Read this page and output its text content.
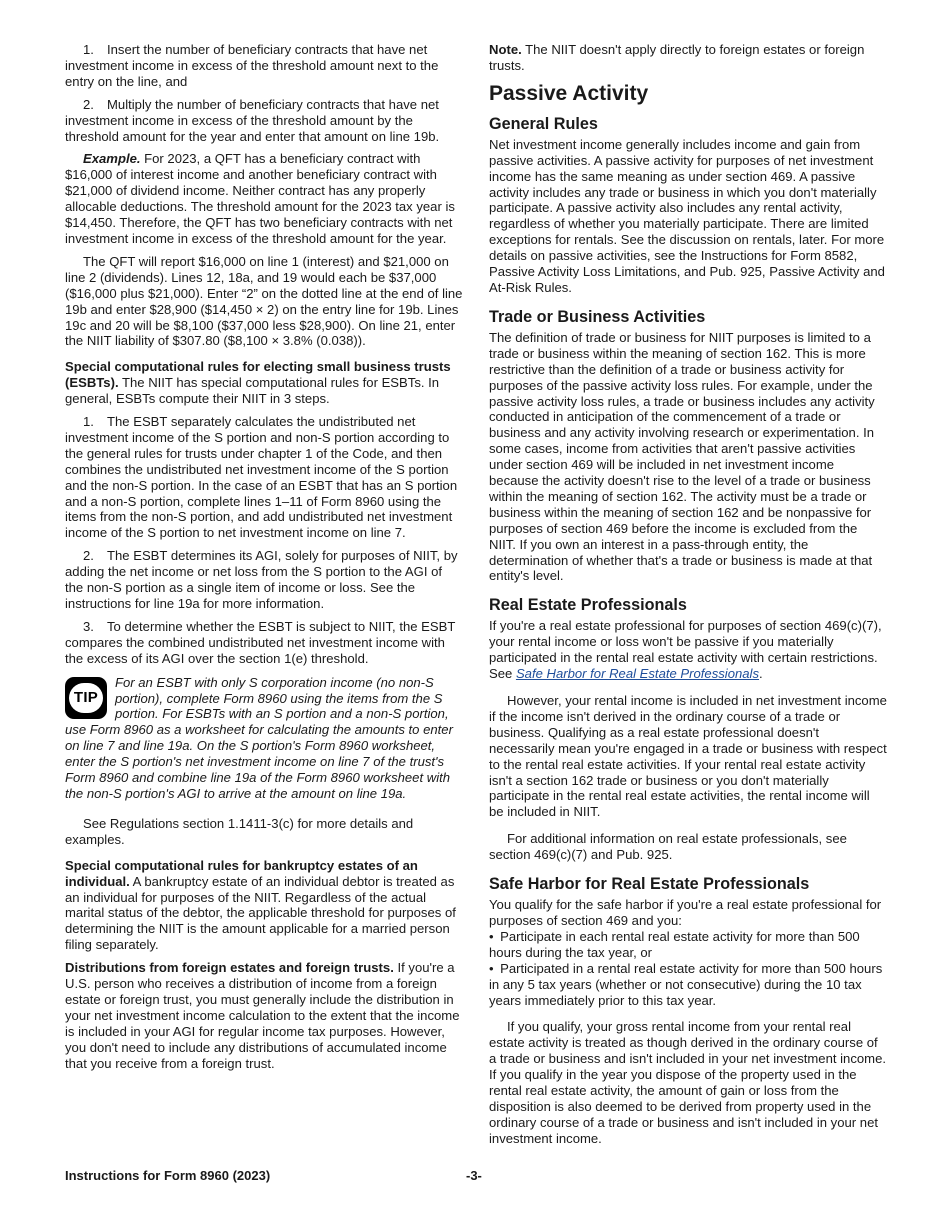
1. Insert the number of beneficiary contracts that have net investment income in excess of the threshold amount next to the entry on the line, and

2. Multiply the number of beneficiary contracts that have net investment income in excess of the threshold amount by the threshold amount for the year and enter that amount on line 19b.

Example. For 2023, a QFT has a beneficiary contract with $16,000 of interest income and another beneficiary contract with $21,000 of dividend income. Neither contract has any properly allocable deductions. The threshold amount for the 2023 tax year is $14,450. Therefore, the QFT has two beneficiary contracts with net investment income in excess of the threshold amount for the year.

The QFT will report $16,000 on line 1 (interest) and $21,000 on line 2 (dividends). Lines 12, 18a, and 19 would each be $37,000 ($16,000 plus $21,000). Enter “2” on the dotted line at the end of line 19b and enter $28,900 ($14,450 × 2) on the entry line for 19b. Lines 19c and 20 will be $8,100 ($37,000 less $28,900). On line 21, enter the NIIT liability of $307.80 ($8,100 × 3.8% (0.038)).

Special computational rules for electing small business trusts (ESBTs). The NIIT has special computational rules for ESBTs. In general, ESBTs compute their NIIT in 3 steps.

1. The ESBT separately calculates the undistributed net investment income of the S portion and non-S portion according to the general rules for trusts under chapter 1 of the Code, and then combines the undistributed net investment income of the S portion and the non-S portion. In the case of an ESBT that has an S portion and a non-S portion, complete lines 1–11 of Form 8960 using the items from the non-S portion, and add undistributed net investment income of the S portion to net investment income on line 7.

2. The ESBT determines its AGI, solely for purposes of NIIT, by adding the net income or net loss from the S portion to the AGI of the non-S portion as a single item of income or loss. See the instructions for line 19a for more information.

3. To determine whether the ESBT is subject to NIIT, the ESBT compares the combined undistributed net investment income with the excess of its AGI over the section 1(e) threshold.

TIP
For an ESBT with only S corporation income (no non-S portion), complete Form 8960 using the items from the S portion. For ESBTs with an S portion and a non-S portion, use Form 8960 as a worksheet for calculating the amounts to enter on line 7 and line 19a. On the S portion's Form 8960 worksheet, enter the S portion's net investment income on line 7 of the trust's Form 8960 and combine line 19a of the Form 8960 worksheet with the non-S portion's AGI to arrive at the amount on line 19a.

See Regulations section 1.1411-3(c) for more details and examples.

Special computational rules for bankruptcy estates of an individual. A bankruptcy estate of an individual debtor is treated as an individual for purposes of the NIIT. Regardless of the actual marital status of the debtor, the applicable threshold for purposes of determining the NIIT is the amount applicable for a married person filing separately.

Distributions from foreign estates and foreign trusts. If you're a U.S. person who receives a distribution of income from a foreign estate or foreign trust, you must generally include the distribution in your net investment income calculation to the extent that the income is included in your AGI for regular income tax purposes. However, you don't need to include any distributions of accumulated income that you receive from a foreign trust.

Note. The NIIT doesn't apply directly to foreign estates or foreign trusts.

Passive Activity
General Rules

Net investment income generally includes income and gain from passive activities. A passive activity for purposes of net investment income has the same meaning as under section 469. A passive activity includes any trade or business in which you don't materially participate. A passive activity also includes any rental activity, regardless of whether you materially participate. There are limited exceptions for rentals. See the discussion on rentals, later. For more details on passive activities, see the Instructions for Form 8582, Passive Activity Loss Limitations, and Pub. 925, Passive Activity and At-Risk Rules.

Trade or Business Activities

The definition of trade or business for NIIT purposes is limited to a trade or business within the meaning of section 162. This is more restrictive than the definition of a trade or business activity for purposes of the passive activity loss rules. For example, under the passive activity loss rules, a trade or business includes any activity conducted in anticipation of the commencement of a trade or business and any activity involving research or experimentation. In some cases, income from activities that aren't passive activities under section 469 will be included in net investment income because the activity doesn't rise to the level of a trade or business within the meaning of section 162. The activity must be a trade or business within the meaning of section 162 and be nonpassive for purposes of section 469 before the income is excluded from the NIIT. If you own an interest in a pass-through entity, the determination of whether that's a trade or business is made at that entity's level.

Real Estate Professionals

If you're a real estate professional for purposes of section 469(c)(7), your rental income or loss won't be passive if you materially participated in the rental real estate activity with certain restrictions. See Safe Harbor for Real Estate Professionals.

However, your rental income is included in net investment income if the income isn't derived in the ordinary course of a trade or business. Qualifying as a real estate professional doesn't necessarily mean you're engaged in a trade or business with respect to the rental real estate activities. If your rental real estate activity isn't a section 162 trade or business or you don't materially participate in the rental real estate activities, the rental income will be included in NIIT.

For additional information on real estate professionals, see section 469(c)(7) and Pub. 925.

Safe Harbor for Real Estate Professionals

You qualify for the safe harbor if you're a real estate professional for purposes of section 469 and you:

• Participate in each rental real estate activity for more than 500 hours during the tax year, or

• Participated in a rental real estate activity for more than 500 hours in any 5 tax years (whether or not consecutive) during the 10 tax years immediately prior to this tax year.

If you qualify, your gross rental income from your rental real estate activity is treated as though derived in the ordinary course of a trade or business and isn't included in your net investment income. If you qualify in the year you dispose of the property used in the rental real estate activity, the amount of gain or loss from the disposition is also deemed to be derived from property used in the ordinary course of a trade or business and isn't included in your net investment income.

Instructions for Form 8960 (2023)	-3-
